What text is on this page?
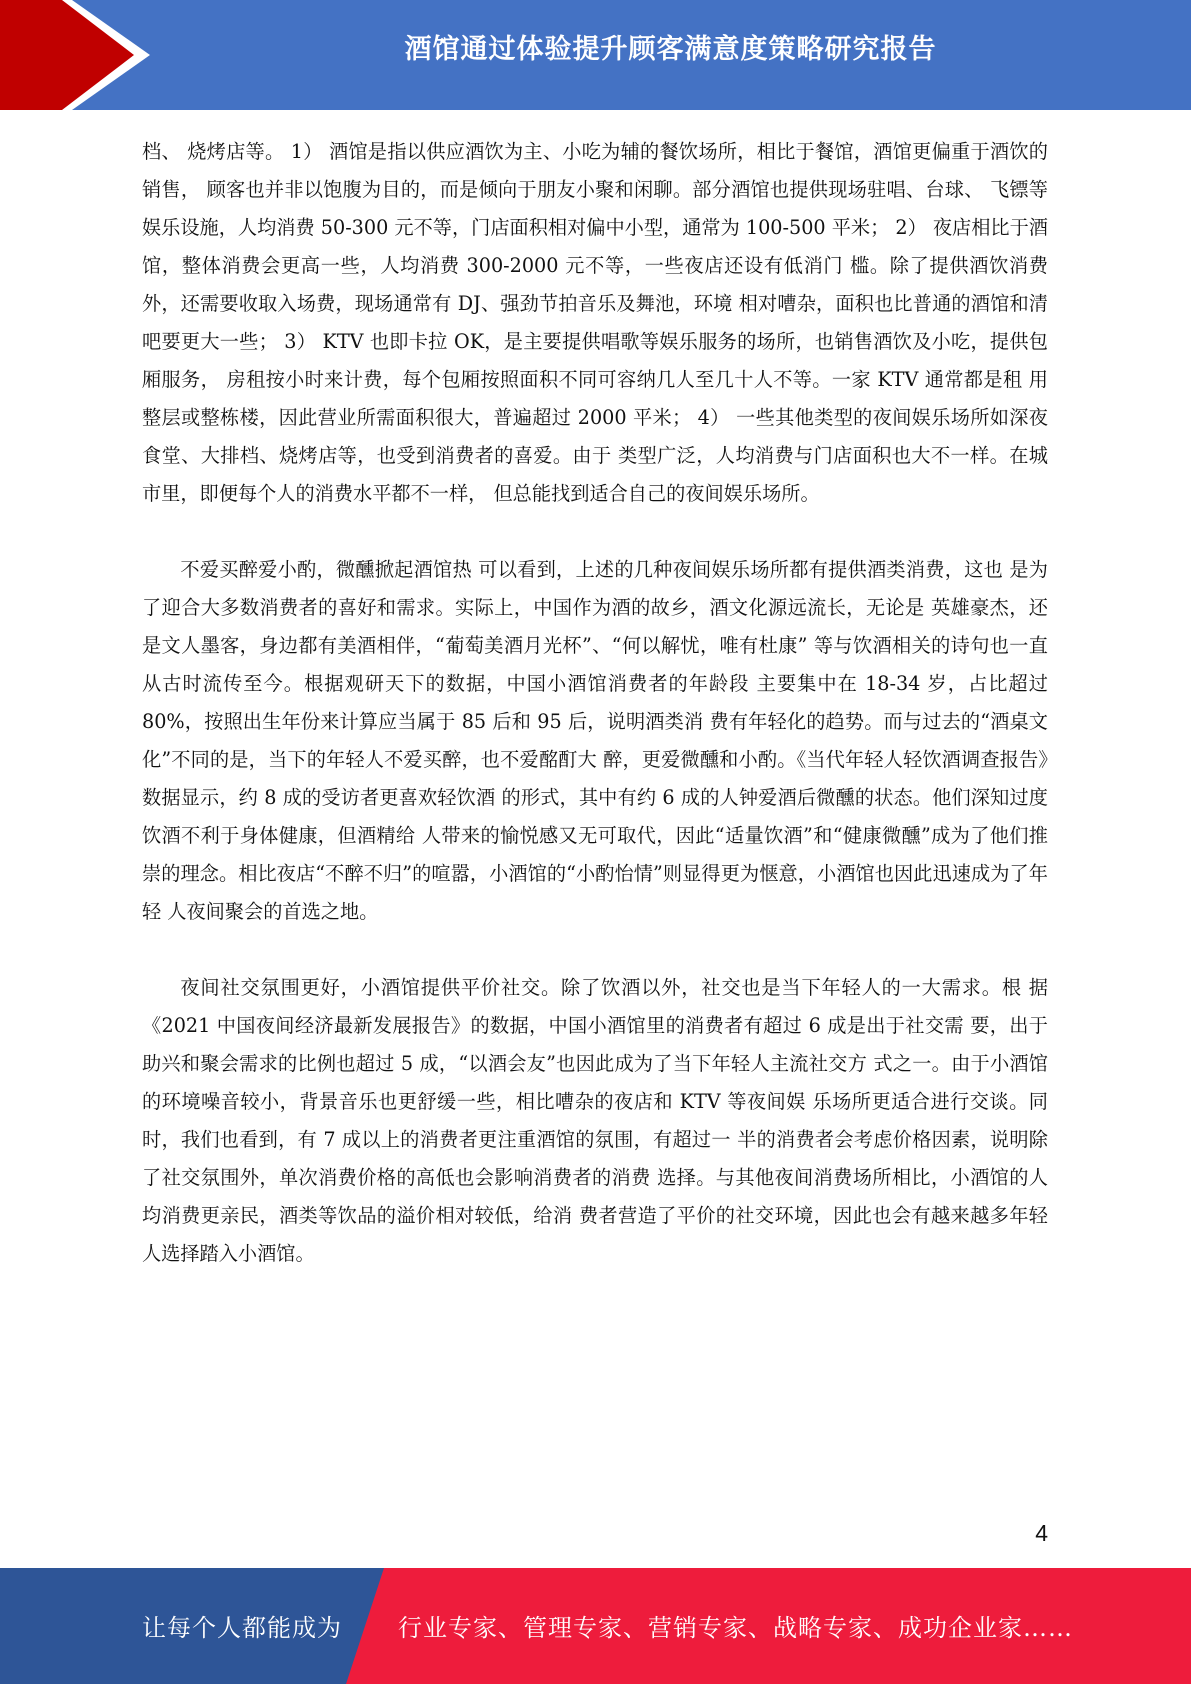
酒馆通过体验提升顾客满意度策略研究报告

档、 烧烤店等。 1） 酒馆是指以供应酒饮为主、小吃为辅的餐饮场所，相比于餐馆，酒馆更偏重于酒饮的销售， 顾客也并非以饱腹为目的，而是倾向于朋友小聚和闲聊。部分酒馆也提供现场驻唱、台球、 飞镖等娱乐设施，人均消费 50-300 元不等，门店面积相对偏中小型，通常为 100-500 平米； 2） 夜店相比于酒馆，整体消费会更高一些，人均消费 300-2000 元不等，一些夜店还设有低消门 槛。除了提供酒饮消费外，还需要收取入场费，现场通常有 DJ、强劲节拍音乐及舞池，环境 相对嘈杂，面积也比普通的酒馆和清吧要更大一些； 3） KTV 也即卡拉 OK，是主要提供唱歌等娱乐服务的场所，也销售酒饮及小吃，提供包厢服务， 房租按小时来计费，每个包厢按照面积不同可容纳几人至几十人不等。一家 KTV 通常都是租 用整层或整栋楼，因此营业所需面积很大，普遍超过 2000 平米； 4） 一些其他类型的夜间娱乐场所如深夜食堂、大排档、烧烤店等，也受到消费者的喜爱。由于 类型广泛，人均消费与门店面积也大不一样。在城市里，即便每个人的消费水平都不一样， 但总能找到适合自己的夜间娱乐场所。

不爱买醉爱小酌，微醺掀起酒馆热 可以看到，上述的几种夜间娱乐场所都有提供酒类消费，这也 是为了迎合大多数消费者的喜好和需求。实际上，中国作为酒的故乡，酒文化源远流长，无论是 英雄豪杰，还是文人墨客，身边都有美酒相伴，“葡萄美酒月光杯”、“何以解忧，唯有杜康” 等与饮酒相关的诗句也一直从古时流传至今。根据观研天下的数据，中国小酒馆消费者的年龄段 主要集中在 18-34 岁，占比超过 80%，按照出生年份来计算应当属于 85 后和 95 后，说明酒类消 费有年轻化的趋势。而与过去的“酒桌文化”不同的是，当下的年轻人不爱买醉，也不爱酩酊大 醉，更爱微醺和小酌。《当代年轻人轻饮酒调查报告》数据显示，约 8 成的受访者更喜欢轻饮酒 的形式，其中有约 6 成的人钟爱酒后微醺的状态。他们深知过度饮酒不利于身体健康，但酒精给 人带来的愉悦感又无可取代，因此“适量饮酒”和“健康微醺”成为了他们推崇的理念。相比夜店“不醉不归”的喧嚣，小酒馆的“小酌怡情”则显得更为惬意，小酒馆也因此迅速成为了年轻 人夜间聚会的首选之地。

夜间社交氛围更好，小酒馆提供平价社交。除了饮酒以外，社交也是当下年轻人的一大需求。根 据《2021 中国夜间经济最新发展报告》的数据，中国小酒馆里的消费者有超过 6 成是出于社交需 要，出于助兴和聚会需求的比例也超过 5 成，“以酒会友”也因此成为了当下年轻人主流社交方 式之一。由于小酒馆的环境噪音较小，背景音乐也更舒缓一些，相比嘈杂的夜店和 KTV 等夜间娱 乐场所更适合进行交谈。同时，我们也看到，有 7 成以上的消费者更注重酒馆的氛围，有超过一 半的消费者会考虑价格因素，说明除了社交氛围外，单次消费价格的高低也会影响消费者的消费 选择。与其他夜间消费场所相比，小酒馆的人均消费更亲民，酒类等饮品的溢价相对较低，给消 费者营造了平价的社交环境，因此也会有越来越多年轻人选择踏入小酒馆。

4
让每个人都能成为 行业专家、管理专家、营销专家、战略专家、成功企业家……
